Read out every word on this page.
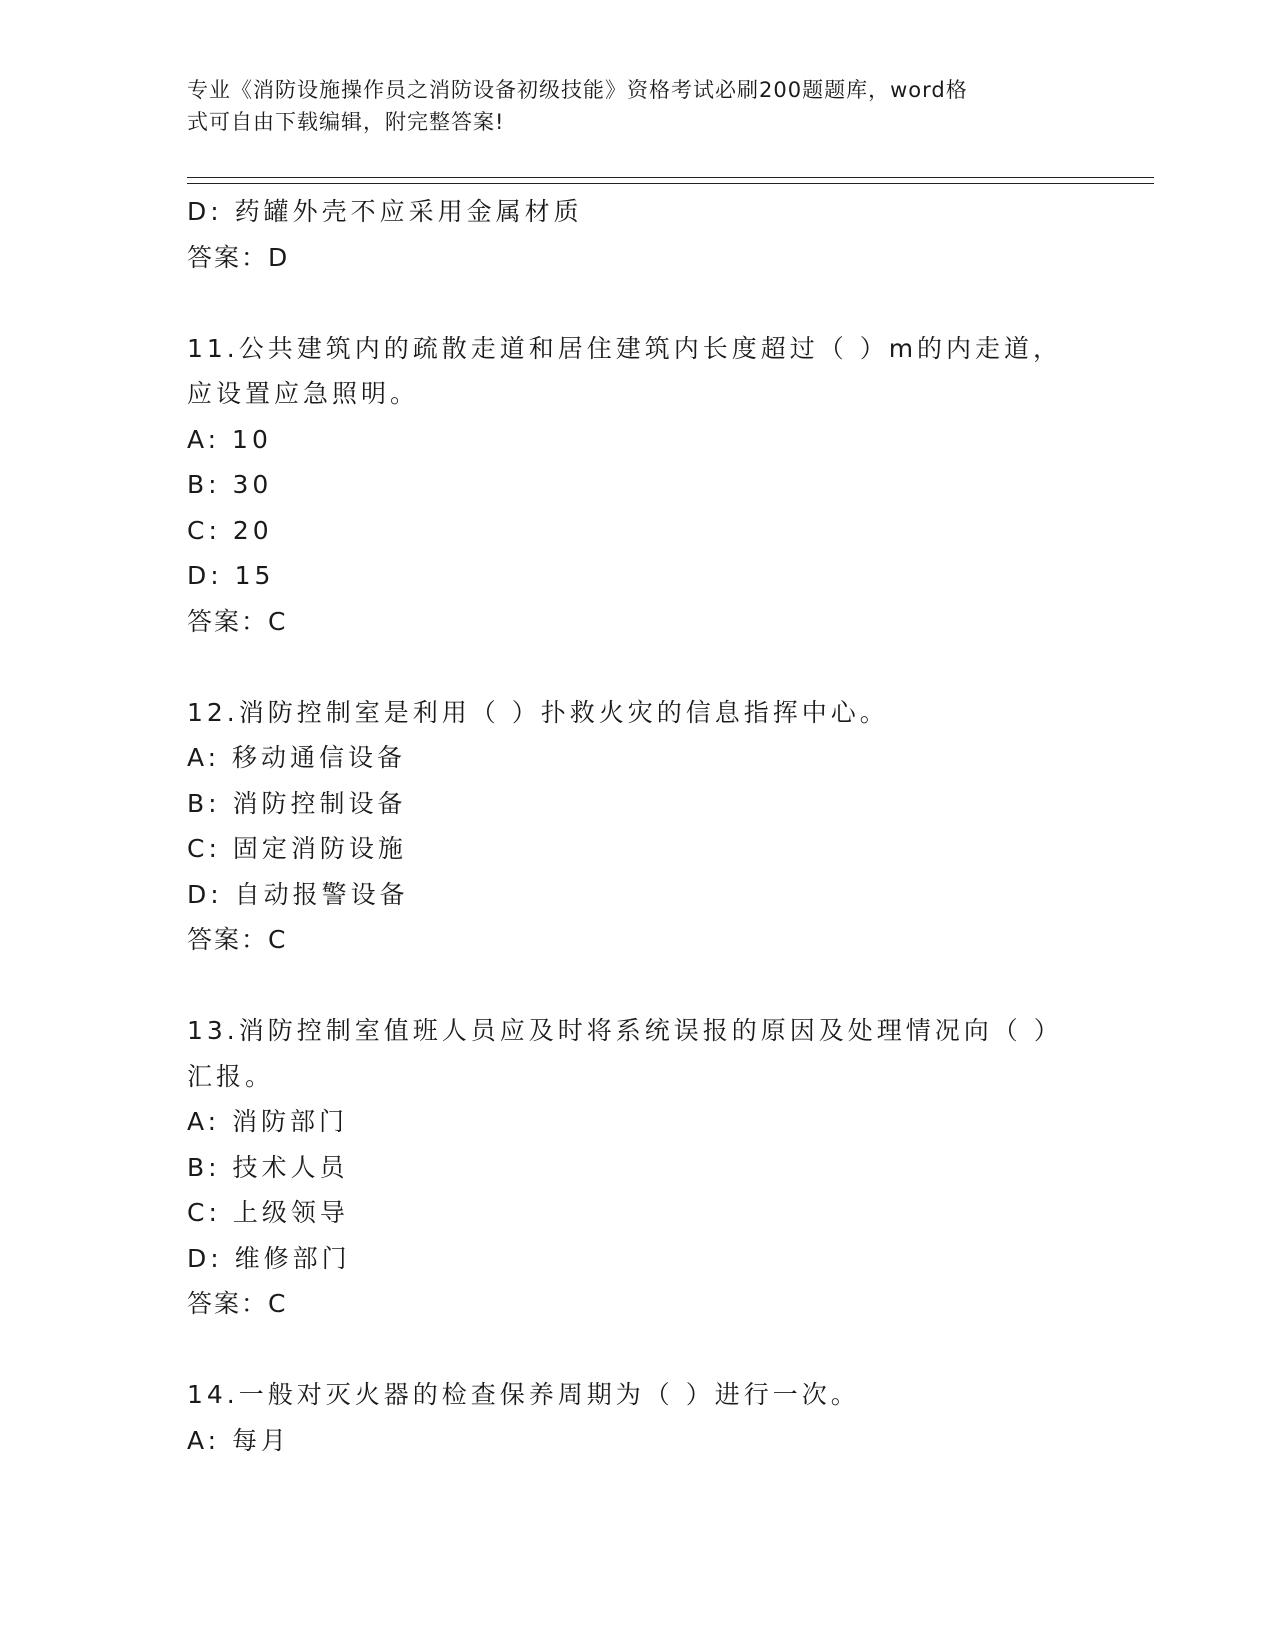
专业《消防设施操作员之消防设备初级技能》资格考试必刷200题题库，word格
式可自由下载编辑，附完整答案!
D: 药罐外壳不应采用金属材质
答案：D
11.公共建筑内的疏散走道和居住建筑内长度超过（ ）m的内走道，
应设置应急照明。
A: 10
B: 30
C: 20
D: 15
答案：C
12.消防控制室是利用（ ）扑救火灾的信息指挥中心。
A: 移动通信设备
B: 消防控制设备
C: 固定消防设施
D: 自动报警设备
答案：C
13.消防控制室值班人员应及时将系统误报的原因及处理情况向（ ）
汇报。
A: 消防部门
B: 技术人员
C: 上级领导
D: 维修部门
答案：C
14.一般对灭火器的检查保养周期为（ ）进行一次。
A: 每月
